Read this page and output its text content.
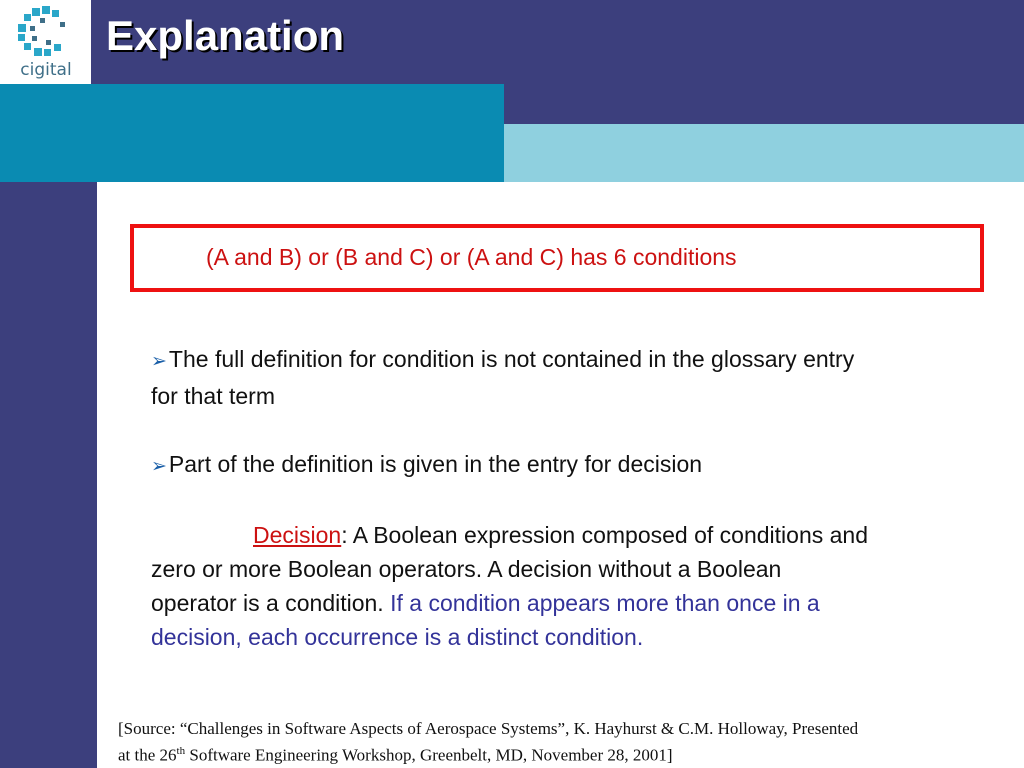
cigital
Explanation
(A and B) or (B and C) or (A and C) has 6 conditions

➢The full definition for condition is not contained in the glossary entry for that term

➢Part of the definition is given in the entry for decision

Decision: A Boolean expression composed of conditions and zero or more Boolean operators. A decision without a Boolean operator is a condition. If a condition appears more than once in a decision, each occurrence is a distinct condition.

[Source: “Challenges in Software Aspects of Aerospace Systems”, K. Hayhurst & C.M. Holloway, Presented
at the 26th Software Engineering Workshop, Greenbelt, MD, November 28, 2001]
